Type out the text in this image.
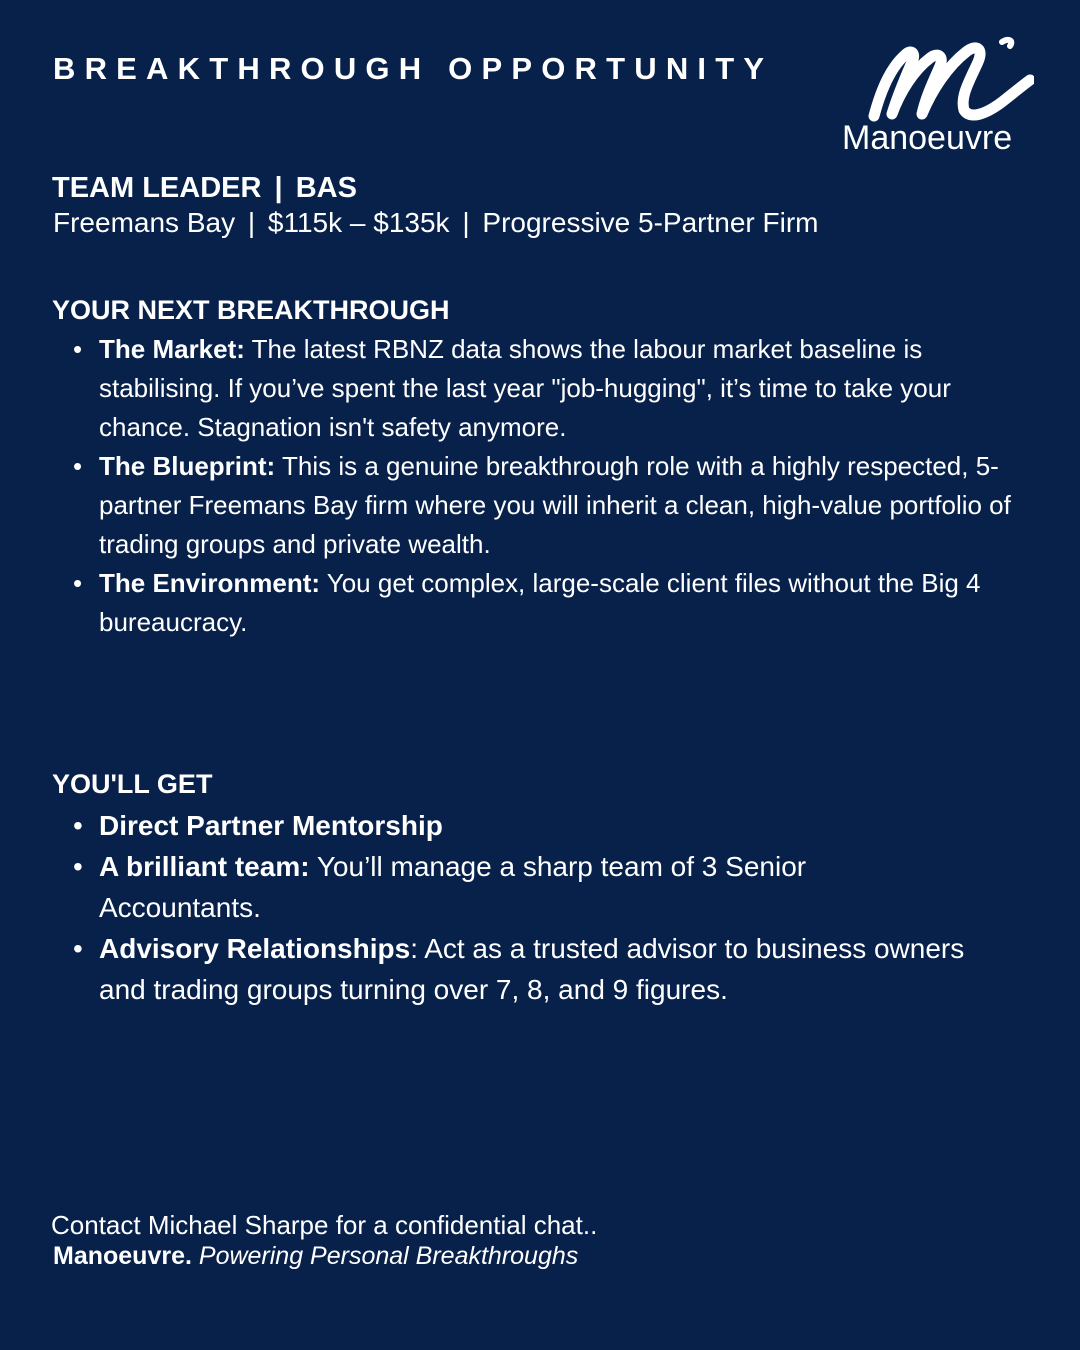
BREAKTHROUGH OPPORTUNITY
Manoeuvre
TEAM LEADER | BAS
Freemans Bay | $115k – $135k | Progressive 5-Partner Firm
YOUR NEXT BREAKTHROUGH
• The Market: The latest RBNZ data shows the labour market baseline is stabilising. If you’ve spent the last year "job-hugging", it’s time to take your chance. Stagnation isn't safety anymore.
• The Blueprint: This is a genuine breakthrough role with a highly respected, 5-partner Freemans Bay firm where you will inherit a clean, high-value portfolio of trading groups and private wealth.
• The Environment: You get complex, large-scale client files without the Big 4 bureaucracy.
YOU'LL GET
• Direct Partner Mentorship
• A brilliant team: You’ll manage a sharp team of 3 Senior Accountants.
• Advisory Relationships: Act as a trusted advisor to business owners and trading groups turning over 7, 8, and 9 figures.
Contact Michael Sharpe for a confidential chat..
Manoeuvre. Powering Personal Breakthroughs
